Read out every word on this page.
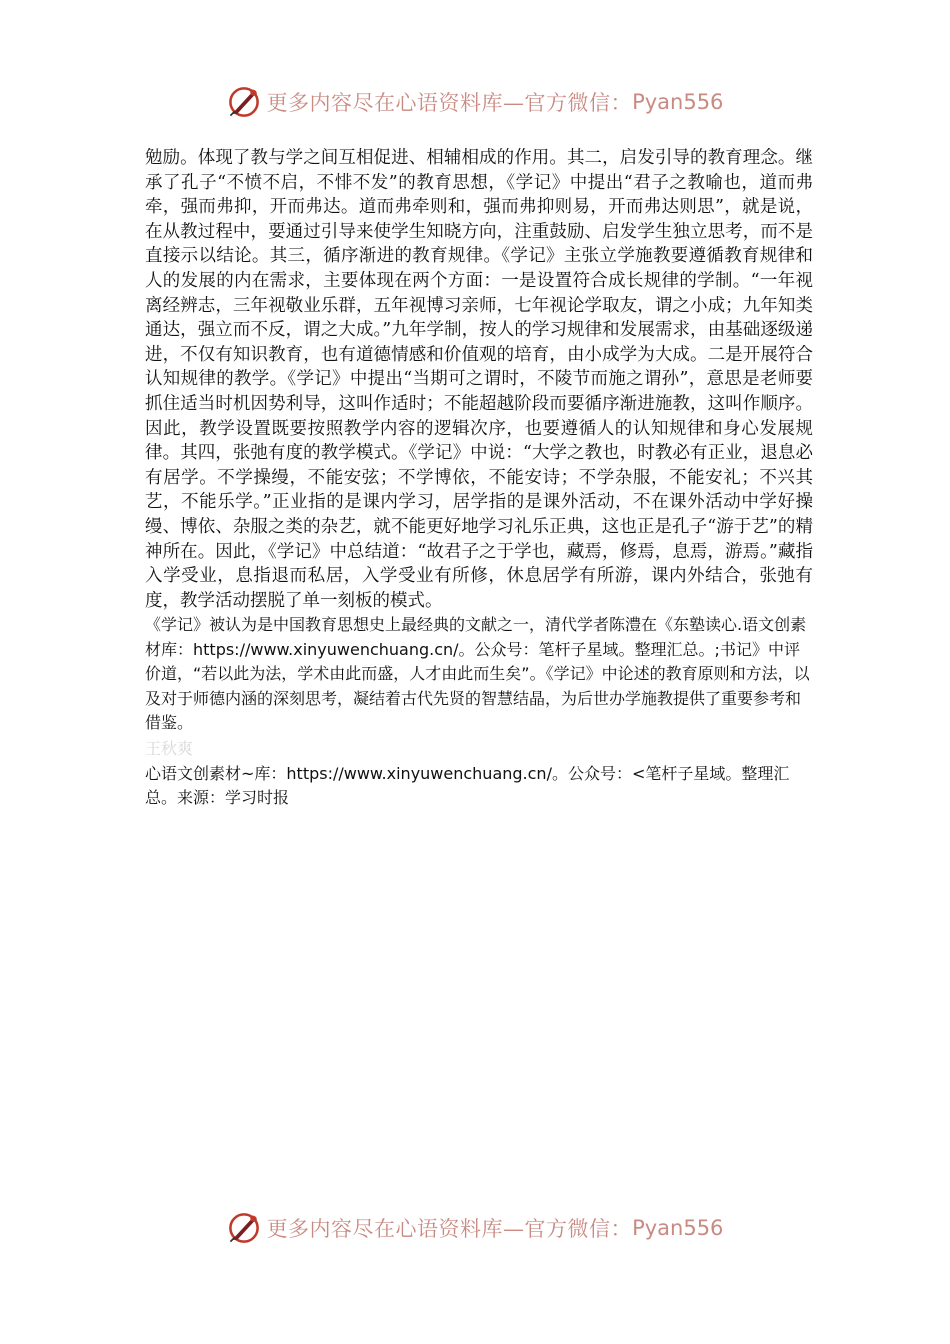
更多内容尽在心语资料库—官方微信： Pyan556

勉励。体现了教与学之间互相促进、相辅相成的作用。其二，启发引导的教育理念。继承了孔子“不愤不启，不悱不发”的教育思想，《学记》中提出“君子之教喻也，道而弗牵，强而弗抑，开而弗达。道而弗牵则和，强而弗抑则易，开而弗达则思”，就是说，在从教过程中，要通过引导来使学生知晓方向，注重鼓励、启发学生独立思考，而不是直接示以结论。其三，循序渐进的教育规律。《学记》主张立学施教要遵循教育规律和人的发展的内在需求，主要体现在两个方面：一是设置符合成长规律的学制。“一年视离经辨志，三年视敬业乐群，五年视博习亲师，七年视论学取友，谓之小成；九年知类通达，强立而不反，谓之大成。”九年学制，按人的学习规律和发展需求，由基础逐级递进，不仅有知识教育，也有道德情感和价值观的培育，由小成学为大成。二是开展符合认知规律的教学。《学记》中提出“当期可之谓时，不陵节而施之谓孙”，意思是老师要抓住适当时机因势利导，这叫作适时；不能超越阶段而要循序渐进施教，这叫作顺序。因此，教学设置既要按照教学内容的逻辑次序，也要遵循人的认知规律和身心发展规律。其四，张弛有度的教学模式。《学记》中说：“大学之教也，时教必有正业，退息必有居学。不学操缦，不能安弦；不学博依，不能安诗；不学杂服，不能安礼；不兴其艺，不能乐学。”正业指的是课内学习，居学指的是课外活动，不在课外活动中学好操缦、博依、杂服之类的杂艺，就不能更好地学习礼乐正典，这也正是孔子“游于艺”的精神所在。因此，《学记》中总结道：“故君子之于学也，藏焉，修焉，息焉，游焉。”藏指入学受业，息指退而私居，入学受业有所修，休息居学有所游，课内外结合，张弛有度，教学活动摆脱了单一刻板的模式。

《学记》被认为是中国教育思想史上最经典的文献之一，清代学者陈澧在《东塾读心.语文创素材库：https://www.xinyuwenchuang.cn/。公众号：笔杆子星域。整理汇总。;书记》中评价道，“若以此为法，学术由此而盛，人才由此而生矣”。《学记》中论述的教育原则和方法，以及对于师德内涵的深刻思考，凝结着古代先贤的智慧结晶，为后世办学施教提供了重要参考和借鉴。

王秋爽

心语文创素材~库：https://www.xinyuwenchuang.cn/。公众号：<笔杆子星域。整理汇总。来源：学习时报

更多内容尽在心语资料库—官方微信： Pyan556
